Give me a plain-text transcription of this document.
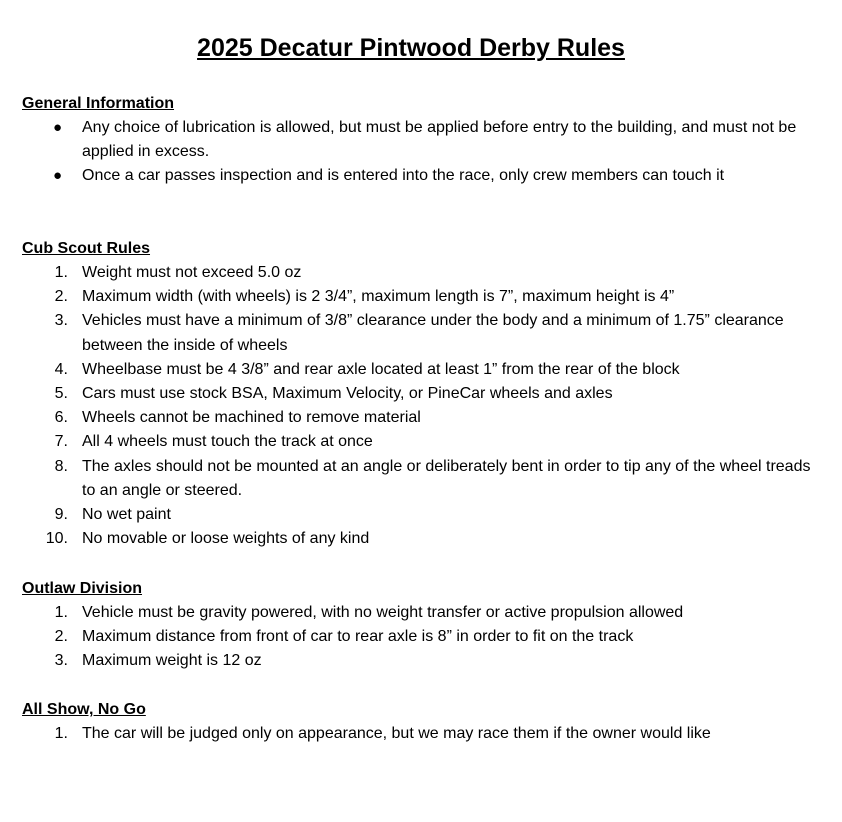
2025 Decatur Pintwood Derby Rules
General Information
● Any choice of lubrication is allowed, but must be applied before entry to the building, and must not be applied in excess.
● Once a car passes inspection and is entered into the race, only crew members can touch it
Cub Scout Rules
1. Weight must not exceed 5.0 oz
2. Maximum width (with wheels) is 2 3/4”, maximum length is 7”, maximum height is 4”
3. Vehicles must have a minimum of 3/8” clearance under the body and a minimum of 1.75” clearance between the inside of wheels
4. Wheelbase must be 4 3/8” and rear axle located at least 1” from the rear of the block
5. Cars must use stock BSA, Maximum Velocity, or PineCar wheels and axles
6. Wheels cannot be machined to remove material
7. All 4 wheels must touch the track at once
8. The axles should not be mounted at an angle or deliberately bent in order to tip any of the wheel treads to an angle or steered.
9. No wet paint
10. No movable or loose weights of any kind
Outlaw Division
1. Vehicle must be gravity powered, with no weight transfer or active propulsion allowed
2. Maximum distance from front of car to rear axle is 8” in order to fit on the track
3. Maximum weight is 12 oz
All Show, No Go
1. The car will be judged only on appearance, but we may race them if the owner would like
